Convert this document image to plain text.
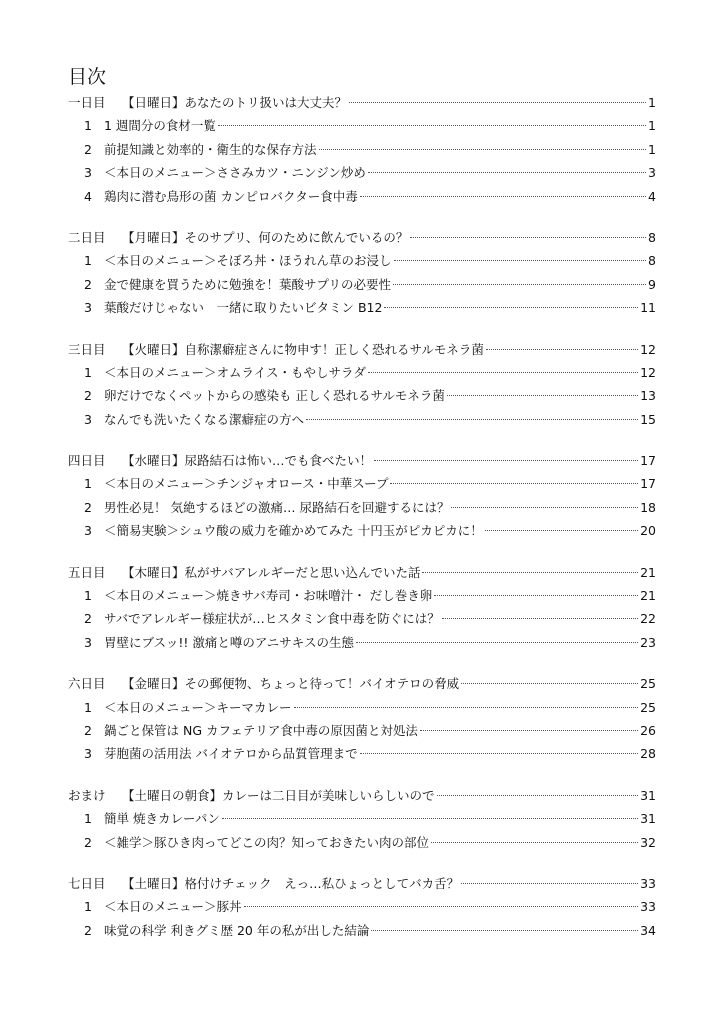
目次
一日目	【日曜日】あなたのトリ扱いは大丈夫？	1
1 1 週間分の食材一覧	1
2 前提知識と効率的・衛生的な保存方法	1
3 ＜本日のメニュー＞ささみカツ・ニンジン炒め	3
4 鶏肉に潜む鳥形の菌 カンピロバクター食中毒	4
二日目	【月曜日】そのサプリ、何のために飲んでいるの？	8
1 ＜本日のメニュー＞そぼろ丼・ほうれん草のお浸し	8
2 金で健康を買うために勉強を！葉酸サプリの必要性	9
3 葉酸だけじゃない　一緒に取りたいビタミン B12	11
三日目	【火曜日】自称潔癖症さんに物申す！正しく恐れるサルモネラ菌	12
1 ＜本日のメニュー＞オムライス・もやしサラダ	12
2 卵だけでなくペットからの感染も 正しく恐れるサルモネラ菌	13
3 なんでも洗いたくなる潔癖症の方へ	15
四日目	【水曜日】尿路結石は怖い…でも食べたい！	17
1 ＜本日のメニュー＞チンジャオロース・中華スープ	17
2 男性必見！ 気絶するほどの激痛… 尿路結石を回避するには？	18
3 ＜簡易実験＞シュウ酸の威力を確かめてみた 十円玉がピカピカに！	20
五日目	【木曜日】私がサバアレルギーだと思い込んでいた話	21
1 ＜本日のメニュー＞焼きサバ寿司・お味噌汁・ だし巻き卵	21
2 サバでアレルギー様症状が…ヒスタミン食中毒を防ぐには？	22
3 胃壁にブスッ!! 激痛と噂のアニサキスの生態	23
六日目	【金曜日】その郵便物、ちょっと待って！バイオテロの脅威	25
1 ＜本日のメニュー＞キーマカレー	25
2 鍋ごと保管は NG カフェテリア食中毒の原因菌と対処法	26
3 芽胞菌の活用法 バイオテロから品質管理まで	28
おまけ	【土曜日の朝食】カレーは二日目が美味しいらしいので	31
1 簡単 焼きカレーパン	31
2 ＜雑学＞豚ひき肉ってどこの肉？知っておきたい肉の部位	32
七日目	【土曜日】格付けチェック　えっ…私ひょっとしてバカ舌？	33
1 ＜本日のメニュー＞豚丼	33
2 味覚の科学 利きグミ歴 20 年の私が出した結論	34
